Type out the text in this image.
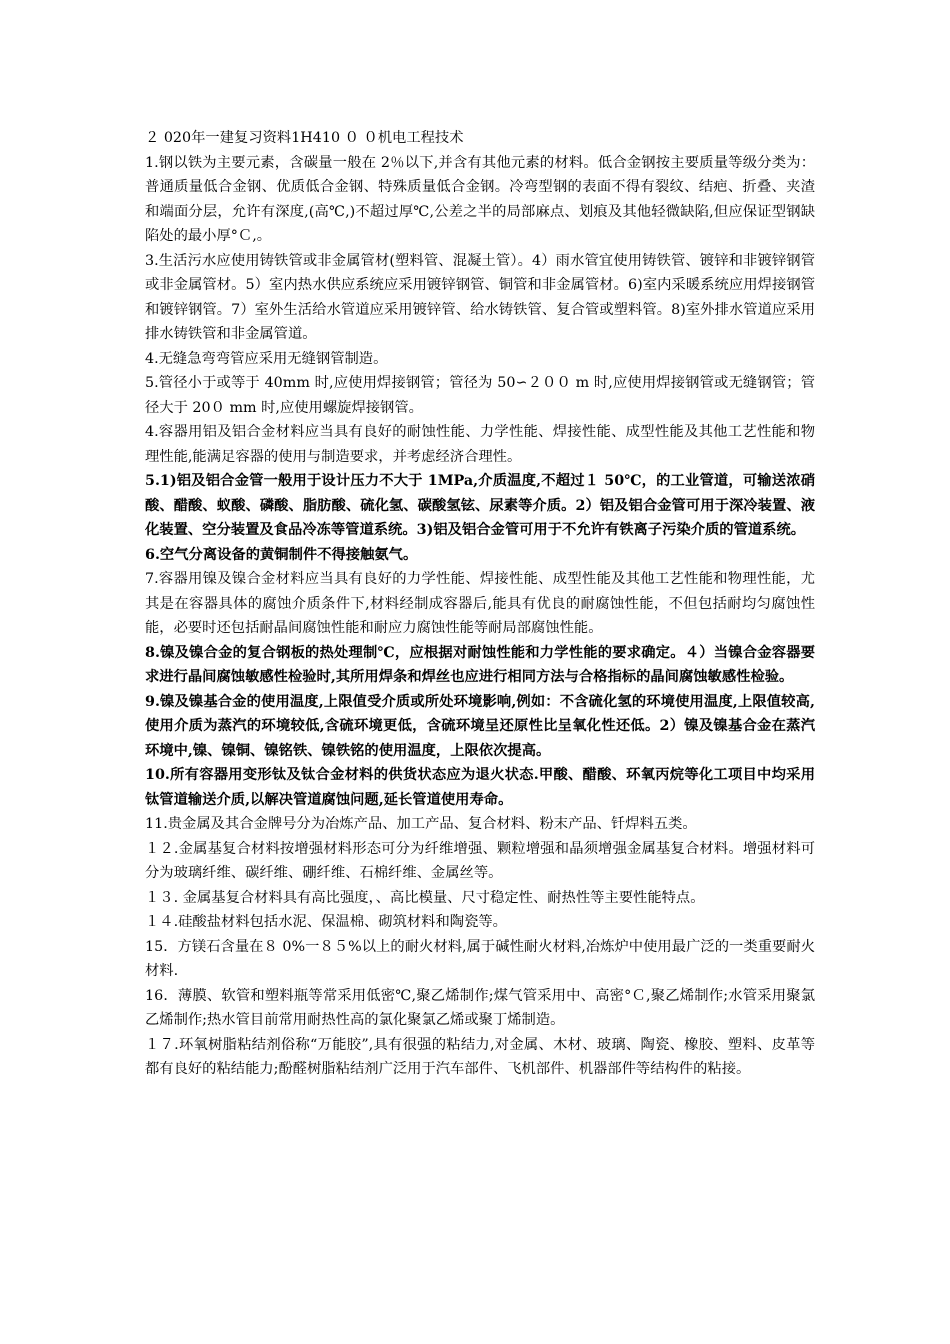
２ 020年一建复习资料1H410 ０ ０机电工程技术

1.钢以铁为主要元素，含碳量一般在 2％以下,并含有其他元素的材料。低合金钢按主要质量等级分类为：普通质量低合金钢、优质低合金钢、特殊质量低合金钢。冷弯型钢的表面不得有裂纹、结疤、折叠、夹渣和端面分层，允许有深度,(高℃,)不超过厚℃,公差之半的局部麻点、划痕及其他轻微缺陷,但应保证型钢缺陷处的最小厚°Ｃ,。

3.生活污水应使用铸铁管或非金属管材(塑料管、混凝土管）。4）雨水管宜使用铸铁管、镀锌和非镀锌钢管或非金属管材。5）室内热水供应系统应采用镀锌钢管、铜管和非金属管材。6)室内采暖系统应用焊接钢管和镀锌钢管。7）室外生活给水管道应采用镀锌管、给水铸铁管、复合管或塑料管。8)室外排水管道应采用排水铸铁管和非金属管道。

4.无缝急弯弯管应采用无缝钢管制造。

5.管径小于或等于 40mm 时,应使用焊接钢管；管径为 50∽２００ m 时,应使用焊接钢管或无缝钢管；管径大于 20０ mm 时,应使用螺旋焊接钢管。

4.容器用铝及铝合金材料应当具有良好的耐蚀性能、力学性能、焊接性能、成型性能及其他工艺性能和物理性能,能满足容器的使用与制造要求，并考虑经济合理性。

5.1)铝及铝合金管一般用于设计压力不大于 1MPa,介质温度,不超过１ 50℃，的工业管道，可输送浓硝酸、醋酸、蚁酸、磷酸、脂肪酸、硫化氢、碳酸氢铉、尿素等介质。2）铝及铝合金管可用于深冷装置、液化装置、空分装置及食品冷冻等管道系统。3)铝及铝合金管可用于不允许有铁离子污染介质的管道系统。

6.空气分离设备的黄铜制件不得接触氨气。

7.容器用镍及镍合金材料应当具有良好的力学性能、焊接性能、成型性能及其他工艺性能和物理性能，尤其是在容器具体的腐蚀介质条件下,材料经制成容器后,能具有优良的耐腐蚀性能，不但包括耐均匀腐蚀性能，必要时还包括耐晶间腐蚀性能和耐应力腐蚀性能等耐局部腐蚀性能。

8.镍及镍合金的复合钢板的热处理制℃，应根据对耐蚀性能和力学性能的要求确定。４）当镍合金容器要求进行晶间腐蚀敏感性检验时,其所用焊条和焊丝也应进行相同方法与合格指标的晶间腐蚀敏感性检验。

9.镍及镍基合金的使用温度,上限值受介质或所处环境影响,例如：不含硫化氢的环境使用温度,上限值较高,使用介质为蒸汽的环境较低,含硫环境更低，含硫环境呈还原性比呈氧化性还低。2）镍及镍基合金在蒸汽环境中,镍、镍铜、镍铭铁、镍铁铭的使用温度，上限依次提高。

10.所有容器用变形钛及钛合金材料的供货状态应为退火状态.甲酸、醋酸、环氧丙烷等化工项目中均采用钛管道输送介质,以解决管道腐蚀问题,延长管道使用寿命。

11.贵金属及其合金牌号分为冶炼产品、加工产品、复合材料、粉末产品、钎焊料五类。

１２.金属基复合材料按增强材料形态可分为纤维增强、颗粒增强和晶须增强金属基复合材料。增强材料可分为玻璃纤维、碳纤维、硼纤维、石棉纤维、金属丝等。

１３. 金属基复合材料具有高比强度，、高比模量、尺寸稳定性、耐热性等主要性能特点。

１４.硅酸盐材料包括水泥、保温棉、砌筑材料和陶瓷等。

15．方镁石含量在８ 0%一８５%以上的耐火材料,属于碱性耐火材料,冶炼炉中使用最广泛的一类重要耐火材料.

16．薄膜、软管和塑料瓶等常采用低密℃,聚乙烯制作;煤气管采用中、高密°Ｃ,聚乙烯制作;水管采用聚氯乙烯制作;热水管目前常用耐热性高的氯化聚氯乙烯或聚丁烯制造。

１７.环氧树脂粘结剂俗称“万能胶”,具有很强的粘结力,对金属、木材、玻璃、陶瓷、橡胶、塑料、皮革等都有良好的粘结能力;酚醛树脂粘结剂广泛用于汽车部件、飞机部件、机器部件等结构件的粘接。
